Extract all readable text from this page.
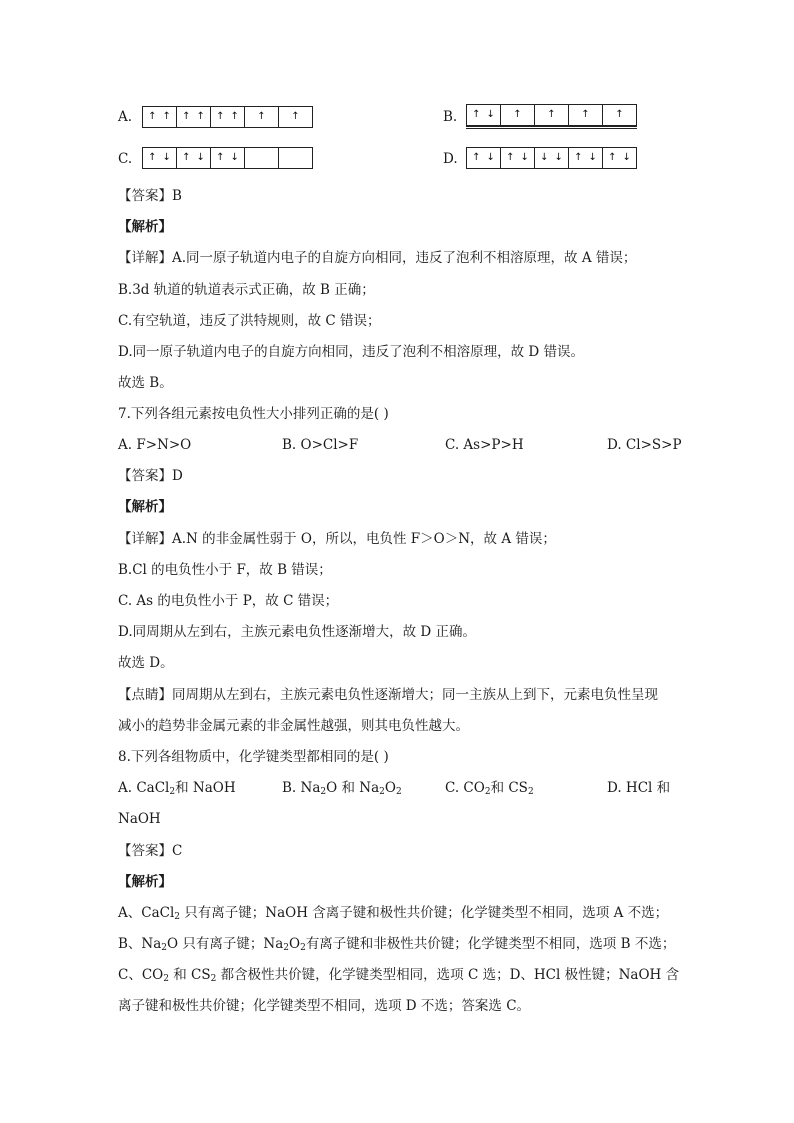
A. ↑ ↑ ↑ ↑ ↑ ↑ ↑	↑	B. ↑ ↓ ↑	↑	↑	↑
C. ↑ ↓ ↑ ↓ ↑ ↓	D. ↑ ↓ ↑ ↓ ↓ ↓ ↑ ↓ ↑ ↓
【答案】B
【解析】
【详解】A.同一原子轨道内电子的自旋方向相同，违反了泡利不相溶原理，故 A 错误；
B.3d 轨道的轨道表示式正确，故 B 正确；
C.有空轨道，违反了洪特规则，故 C 错误；
D.同一原子轨道内电子的自旋方向相同，违反了泡利不相溶原理，故 D 错误。
故选 B。
7.下列各组元素按电负性大小排列正确的是( )
A. F>N>O	B. O>Cl>F	C. As>P>H	D. Cl>S>P
【答案】D
【解析】
【详解】A.N 的非金属性弱于 O，所以，电负性 F＞O＞N，故 A 错误；
B.Cl 的电负性小于 F，故 B 错误；
C. As 的电负性小于 P，故 C 错误；
D.同周期从左到右，主族元素电负性逐渐增大，故 D 正确。
故选 D。
【点睛】同周期从左到右，主族元素电负性逐渐增大；同一主族从上到下，元素电负性呈现
减小的趋势非金属元素的非金属性越强，则其电负性越大。
8.下列各组物质中，化学键类型都相同的是( )
A. CaCl$_2$和 NaOH	B. $Na_2O$ 和 $Na_2O_2$	C. $CO_2$和 $CS_2$	D. HCl 和
NaOH
【答案】C
【解析】
A、CaCl$_2$ 只有离子键；NaOH 含离子键和极性共价键；化学键类型不相同，选项 A 不选；
B、$Na_2O$ 只有离子键；$Na_2O_2$有离子键和非极性共价键；化学键类型不相同，选项 B 不选；
C、$CO_2$ 和 $CS_2$ 都含极性共价键，化学键类型相同，选项 C 选；D、HCl 极性键；NaOH 含
离子键和极性共价键；化学键类型不相同，选项 D 不选；答案选 C。
